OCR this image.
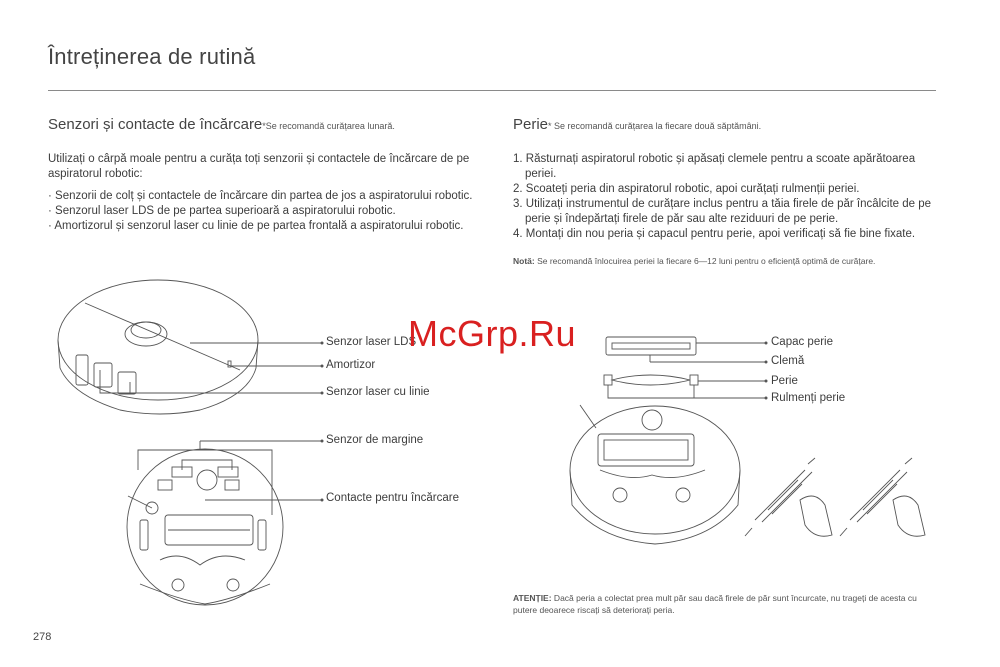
Întreținerea de rutină
Senzori și contacte de încărcare*Se recomandă curățarea lunară.
Utilizați o cârpă moale pentru a curăța toți senzorii și contactele de încărcare de pe aspiratorul robotic:
· Senzorii de colț și contactele de încărcare din partea de jos a aspiratorului robotic.
· Senzorul laser LDS de pe partea superioară a aspiratorului robotic.
· Amortizorul și senzorul laser cu linie de pe partea frontală a aspiratorului robotic.
Perie* Se recomandă curățarea la fiecare două săptămâni.
1. Răsturnați aspiratorul robotic și apăsați clemele pentru a scoate apărătoarea periei.
2. Scoateți peria din aspiratorul robotic, apoi curățați rulmenții periei.
3. Utilizați instrumentul de curățare inclus pentru a tăia firele de păr încâlcite de pe perie și îndepărtați firele de păr sau alte reziduuri de pe perie.
4. Montați din nou peria și capacul pentru perie, apoi verificați să fie bine fixate.
Notă: Se recomandă înlocuirea periei la fiecare 6—12 luni pentru o eficiență optimă de curățare.
Senzor laser LDS
Amortizor
Senzor laser cu linie
Senzor de margine
Contacte pentru încărcare
Capac perie
Clemă
Perie
Rulmenți perie
ATENȚIE: Dacă peria a colectat prea mult păr sau dacă firele de păr sunt încurcate, nu trageți de acesta cu putere deoarece riscați să deteriorați peria.
McGrp.Ru
278
